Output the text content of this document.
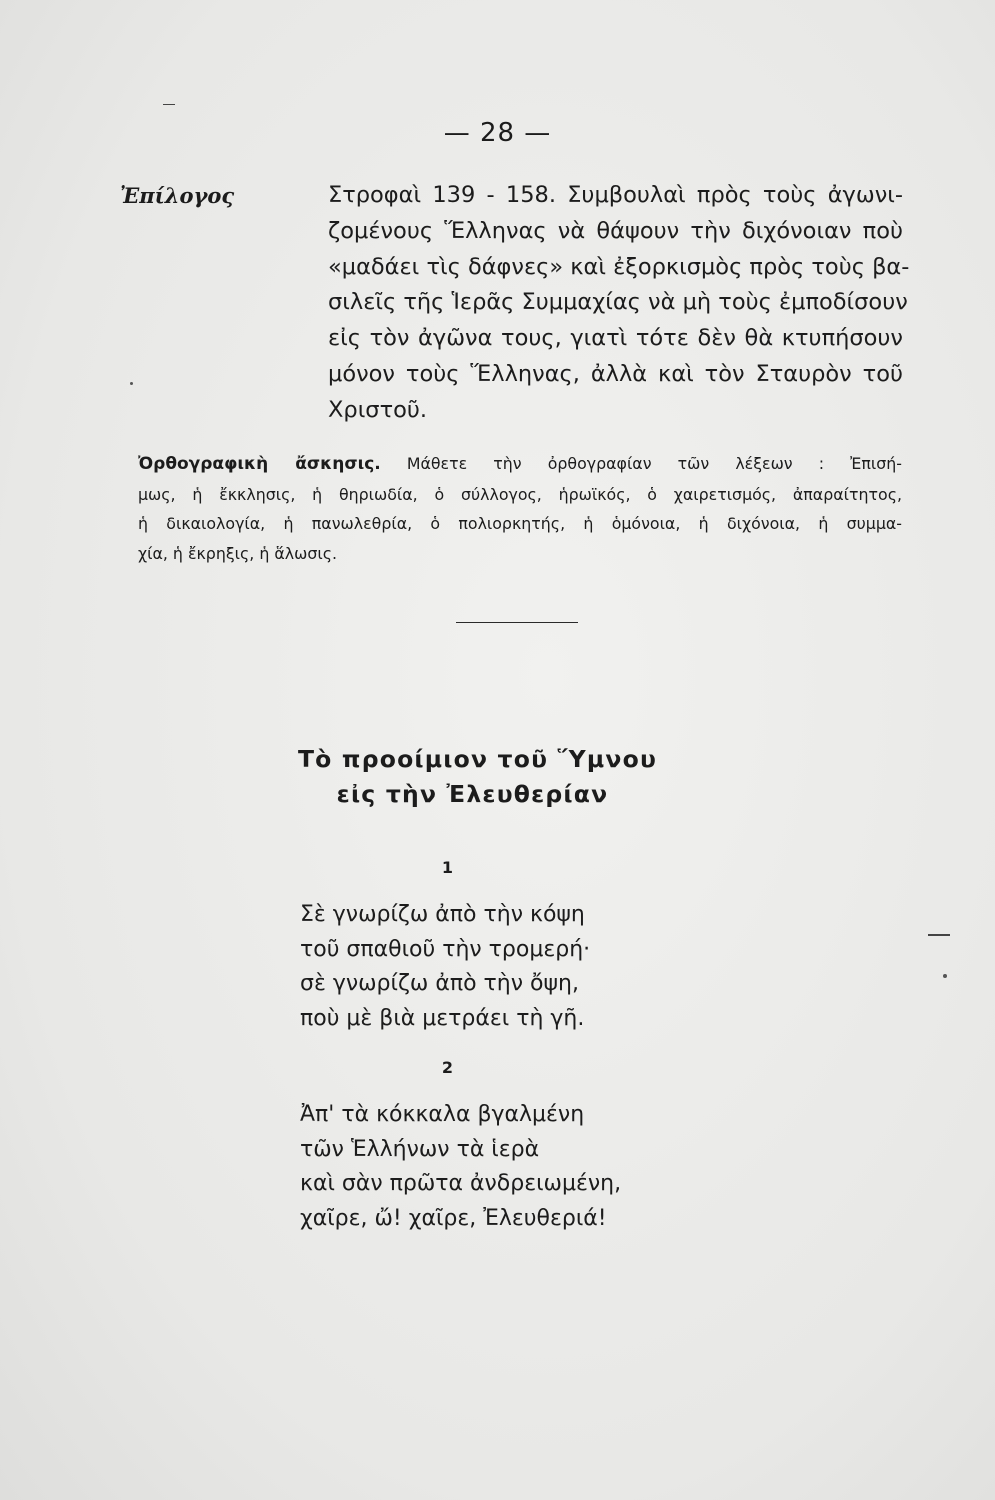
— 28 —
Ἐπίλογος	Στροφαὶ 139 - 158. Συμβουλαὶ πρὸς τοὺς ἀγωνι-
ζομένους Ἕλληνας νὰ θάψουν τὴν διχόνοιαν ποὺ
«μαδάει τὶς δάφνες» καὶ ἐξορκισμὸς πρὸς τοὺς βα-
σιλεῖς τῆς Ἱερᾶς Συμμαχίας νὰ μὴ τοὺς ἐμποδίσουν
εἰς τὸν ἀγῶνα τους, γιατὶ τότε δὲν θὰ κτυπήσουν
μόνον τοὺς Ἕλληνας, ἀλλὰ καὶ τὸν Σταυρὸν τοῦ
Χριστοῦ.
Ὀρθογραφικὴ ἄσκησις. Μάθετε τὴν ὀρθογραφίαν τῶν λέξεων : Ἐπισή-
μως, ἡ ἔκκλησις, ἡ θηριωδία, ὁ σύλλογος, ἡρωϊκός, ὁ χαιρετισμός, ἀπαραίτητος,
ἡ δικαιολογία, ἡ πανωλεθρία, ὁ πολιορκητής, ἡ ὁμόνοια, ἡ διχόνοια, ἡ συμμα-
χία, ἡ ἔκρηξις, ἡ ἅλωσις.
Τὸ προοίμιον τοῦ Ὕμνου
εἰς τὴν Ἐλευθερίαν
1
Σὲ γνωρίζω ἀπὸ τὴν κόψη
τοῦ σπαθιοῦ τὴν τρομερή·
σὲ γνωρίζω ἀπὸ τὴν ὄψη,
ποὺ μὲ βιὰ μετράει τὴ γῆ.
2
Ἀπ' τὰ κόκκαλα βγαλμένη
τῶν Ἑλλήνων τὰ ἱερὰ
καὶ σὰν πρῶτα ἀνδρειωμένη,
χαῖρε, ὤ! χαῖρε, Ἐλευθεριά!
